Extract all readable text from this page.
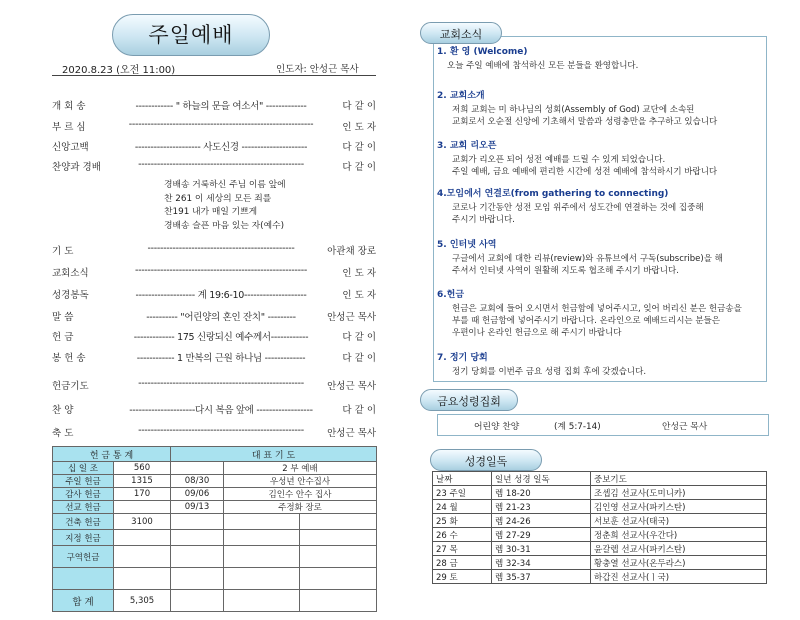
주일예배
2020.8.23 (오전 11:00)	인도자: 안성근 목사
개 회 송	------------ " 하늘의 문을 여소서" -------------	다 같 이
부 르 심	-----------------------------------------------------------	인 도 자
신앙고백	--------------------- 사도신경 ---------------------	다 같 이
찬양과 경배	-----------------------------------------------------	다 같 이
경배송 거룩하신 주님 이름 앞에
찬 261 이 세상의 모든 죄를
찬191 내가 매일 기쁘게
경배송 슬픈 마음 있는 자(예수)
기 도	-----------------------------------------------	아관채 장로
교회소식	-------------------------------------------------------	인 도 자
성경봉독	------------------- 계 19:6-10--------------------	인 도 자
말 씀	---------- "어린양의 혼인 잔치" ---------	안성근 목사
헌 금	------------- 175 신랑되신 예수께서------------	다 같 이
봉 헌 송	------------ 1 만복의 근원 하나님 -------------	다 같 이
헌금기도	-----------------------------------------------------	안성근 목사
찬 양	---------------------다시 복음 앞에 ------------------	다 같 이
축 도	-----------------------------------------------------	안성근 목사
헌 금 통 계		대 표 기 도		
십 일 조	560		2 부 예배	
주일 헌금	1315	08/30	우성년 안수집사	
감사 헌금	170	09/06	김인수 안수 집사	
선교 헌금		09/13	주정화 장로	
건축 헌금	3100			
지정 헌금				
구역헌금				

합 계	5,305			
교회소식
1. 환 영 (Welcome)
오늘 주일 예배에 참석하신 모든 분들을 환영합니다.
2. 교회소개
저희 교회는 미 하나님의 성회(Assembly of God) 교단에 소속된
교회로서 오순절 신앙에 기초해서 말씀과 성령충만을 추구하고 있습니다
3. 교회 리오픈
교회가 리오픈 되어 성전 예배를 드릴 수 있게 되었습니다.
주일 예배, 금요 예배에 편리한 시간에 성전 예배에 참석하시기 바랍니다
4.모임에서 연결로(from gathering to connecting)
코로나 기간동안 성전 모임 위주에서 성도간에 연결하는 것에 집중해
주시기 바랍니다.
5. 인터넷 사역
구글에서 교회에 대한 리뷰(review)와 유튜브에서 구독(subscribe)을 해
주셔서 인터넷 사역이 원활해 지도록 협조해 주시기 바랍니다.
6.헌금
헌금은 교회에 들어 오시면서 헌금함에 넣어주시고, 잊어 버리신 분은 헌금송을
부를 때 헌금함에 넣어주시기 바랍니다. 온라인으로 예배드리시는 분들은
우편이나 온라인 헌금으로 해 주시기 바랍니다
7. 정기 당회
정기 당회를 이번주 금요 성령 집회 후에 갖겠습니다.
금요성령집회
어린양 찬양	(계 5:7-14)	안성근 목사
성경일독
날짜	일년 성경 일독	중보기도
23 주일	렘 18-20	조셉김 선교사(도미니카)
24 월	렘 21-23	김인영 선교사(파키스탄)
25 화	렘 24-26	서보훈 선교사(태국)
26 수	렘 27-29	정춘희 선교사(우간다)
27 목	렘 30-31	윤갈렙 선교사(파키스탄)
28 금	렘 32-34	황충열 선교사(온두라스)
29 토	렘 35-37	하갑진 선교사(ㅣ국)
